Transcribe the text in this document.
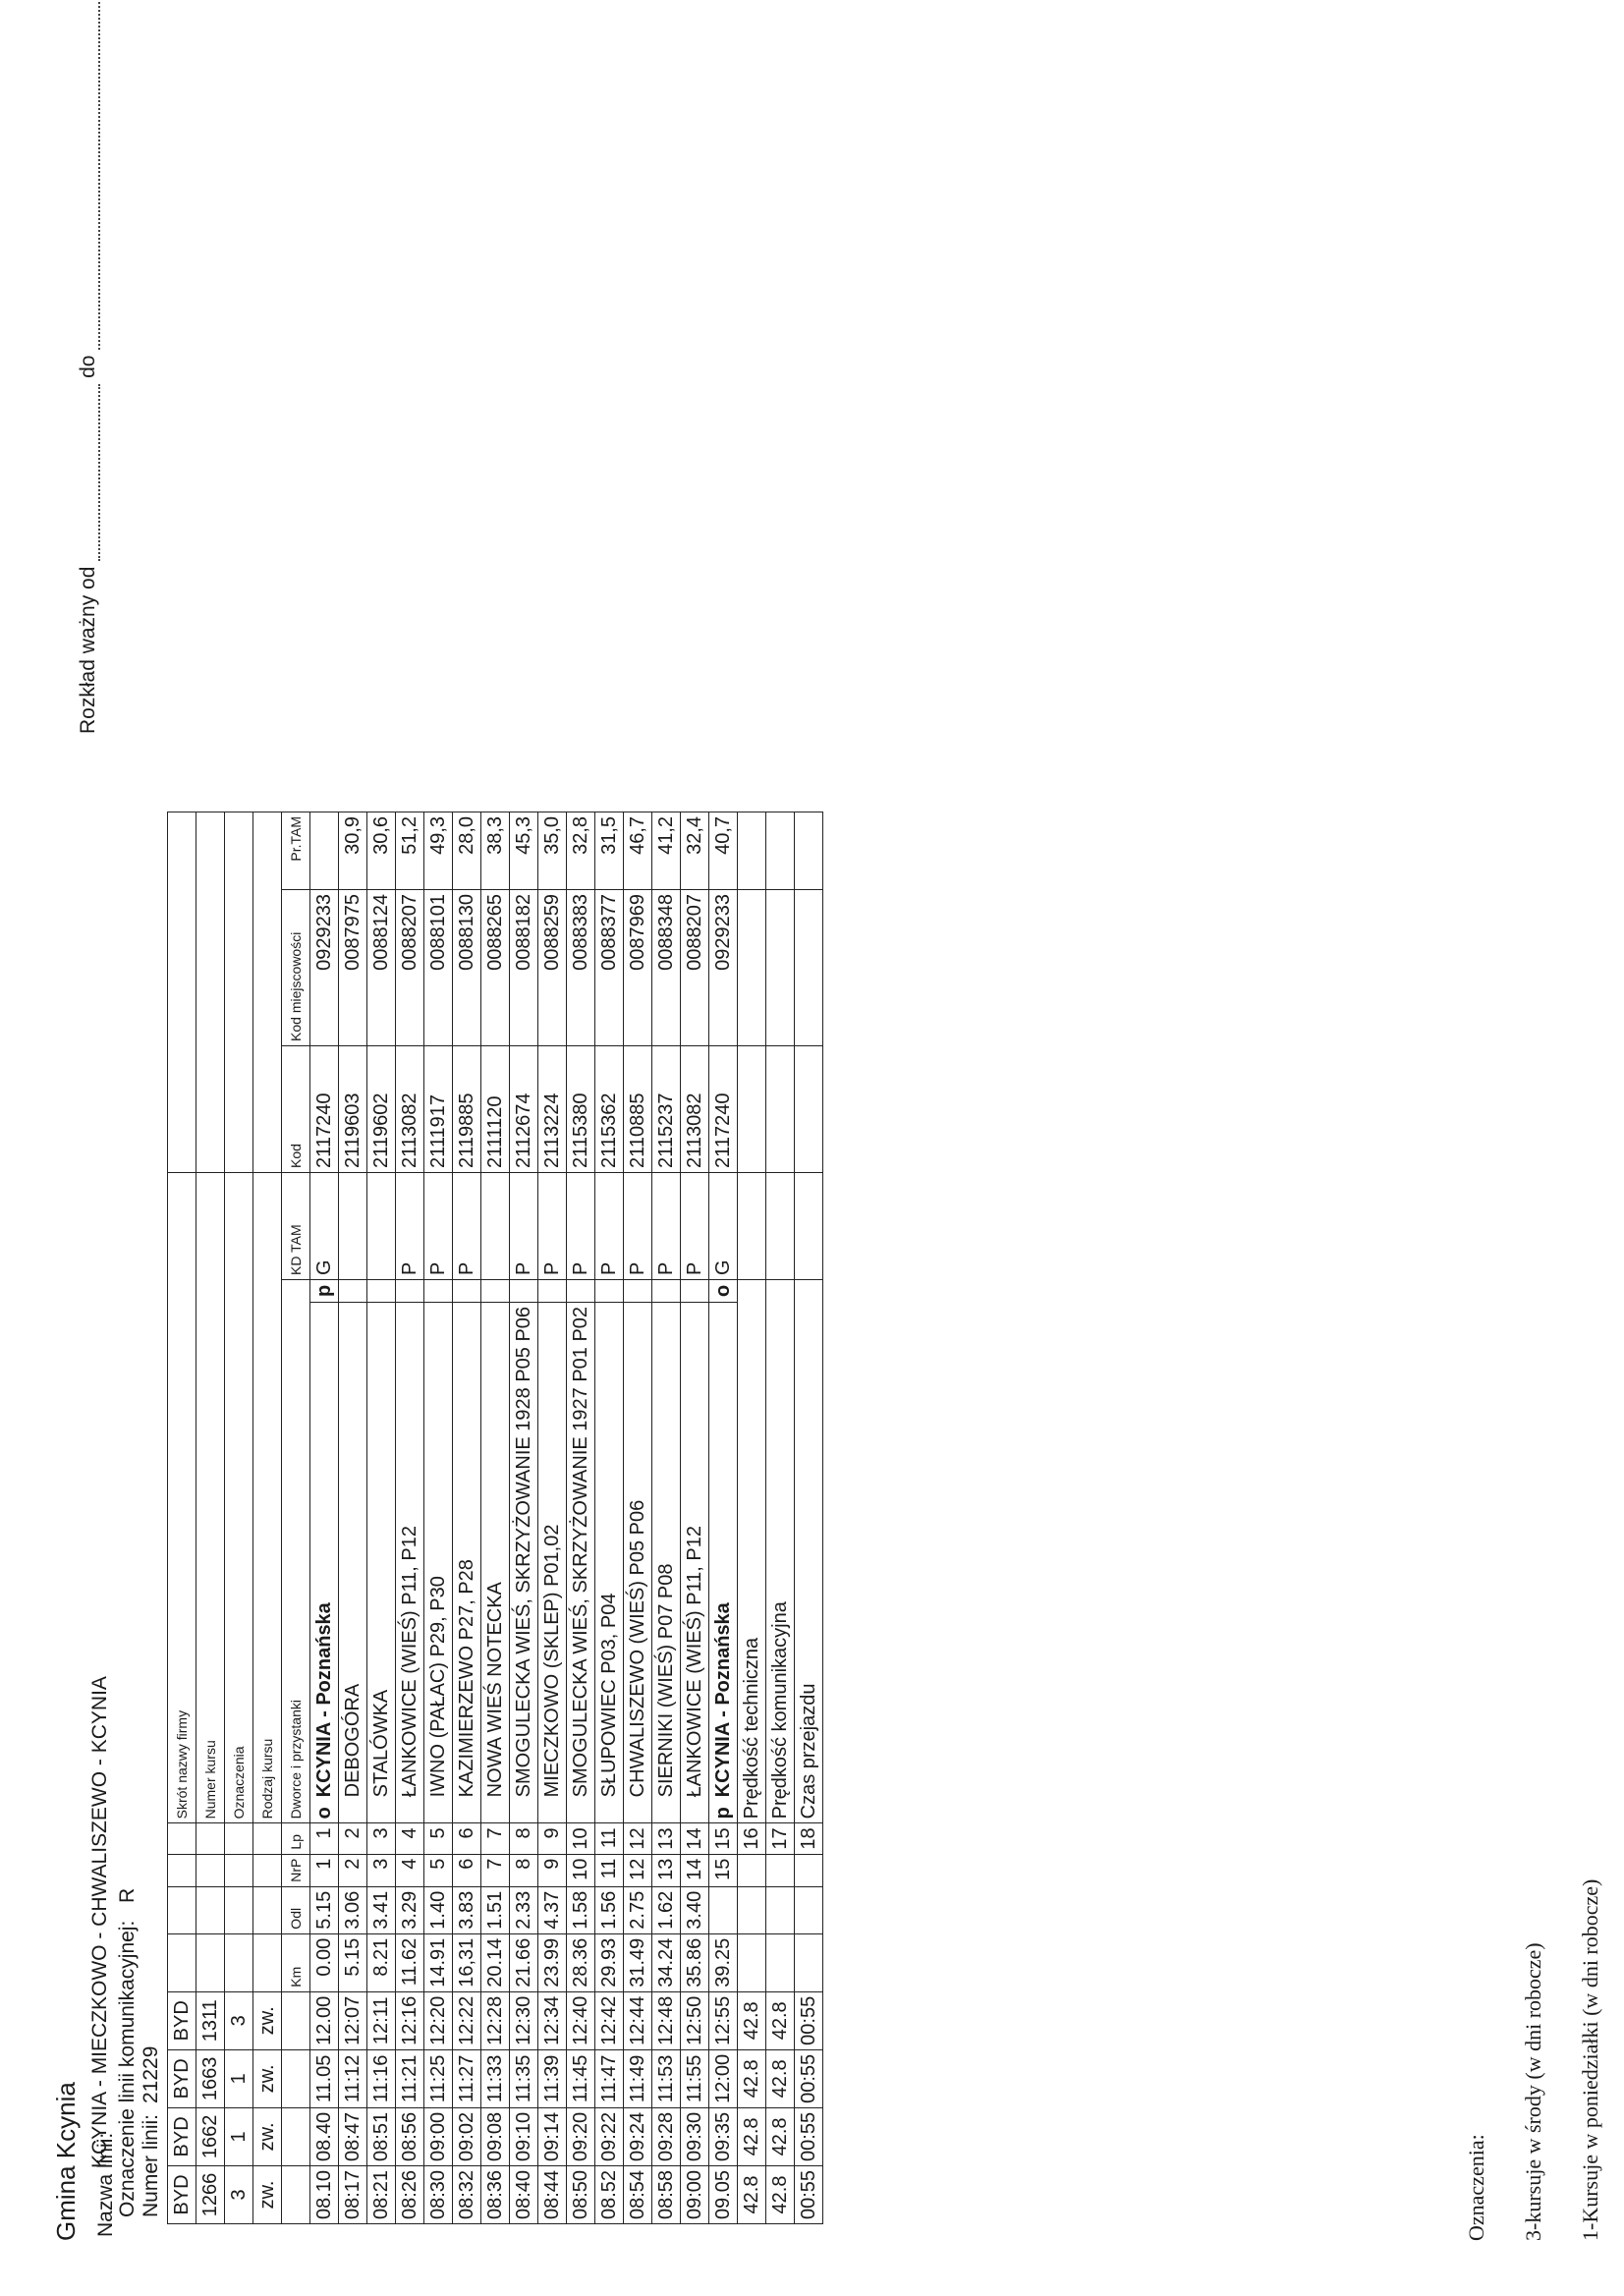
Gmina Kcynia Nazwa linii:
KCYNIA - MIECZKOWO - CHWALISZEWO - KCYNIA Oznaczenie linii komunikacyjnej:
R
Numer linii:
21229
Rozkład ważny od  do
BYD	BYD	BYD	BYD					Skrót nazwy firmy					
1266	1662	1663	1311					Numer kursu					
3	1	1	3					Oznaczenia					
zw.	zw.	zw.	zw.					Rodzaj kursu					
				Km	Odl	NrP	Lp	Dworce i przystanki		KD TAM	Kod	Kod miejscowości	Pr.TAM
08.10	08.40	11.05	12.00	0.00	5.15	1	1	oKCYNIA - Poznańska	p	G	2117240	0929233	
08:17	08:47	11:12	12:07	5.15	3.06	2	2	DEBOGÓRA			2119603	0087975	30,9
08:21	08:51	11:16	12:11	8.21	3.41	3	3	STALÓWKA			2119602	0088124	30,6
08:26	08:56	11:21	12:16	11.62	3.29	4	4	ŁANKOWICE (WIEŚ) P11, P12		P	2113082	0088207	51,2
08:30	09:00	11:25	12:20	14.91	1.40	5	5	IWNO (PAŁAC) P29, P30		P	2111917	0088101	49,3
08:32	09:02	11:27	12:22	16,31	3.83	6	6	KAZIMIERZEWO P27, P28		P	2119885	0088130	28,0
08:36	09:08	11:33	12:28	20.14	1.51	7	7	NOWA WIEŚ NOTECKA			2111120	0088265	38,3
08:40	09:10	11:35	12:30	21.66	2.33	8	8	SMOGULECKA WIEŚ, SKRZYŻOWANIE 1928 P05 P06		P	2112674	0088182	45,3
08:44	09:14	11:39	12:34	23.99	4.37	9	9	MIECZKOWO (SKLEP) P01,02		P	2113224	0088259	35,0
08:50	09:20	11:45	12:40	28.36	1.58	10	10	SMOGULECKA WIEŚ, SKRZYŻOWANIE 1927 P01 P02		P	2115380	0088383	32,8
08.52	09:22	11:47	12:42	29.93	1.56	11	11	SŁUPOWIEC P03, P04		P	2115362	0088377	31,5
08:54	09:24	11:49	12:44	31.49	2.75	12	12	CHWALISZEWO (WIEŚ) P05 P06		P	2110885	0087969	46,7
08:58	09:28	11:53	12:48	34.24	1.62	13	13	SIERNIKI (WIEŚ) P07 P08		P	2115237	0088348	41,2
09:00	09:30	11:55	12:50	35.86	3.40	14	14	ŁANKOWICE (WIEŚ) P11, P12		P	2113082	0088207	32,4
09.05	09:35	12:00	12:55	39.25		15	15	pKCYNIA - Poznańska	o	G	2117240	0929233	40,7
42.8	42.8	42.8	42.8				16	Prędkość techniczna					
42.8	42.8	42.8	42.8				17	Prędkość komunikacyjna					
00:55	00:55	00:55	00:55				18	Czas przejazdu					
Oznaczenia: 3-kursuje w środy (w dni robocze) 1-Kursuje w poniedziałki (w dni robocze)
